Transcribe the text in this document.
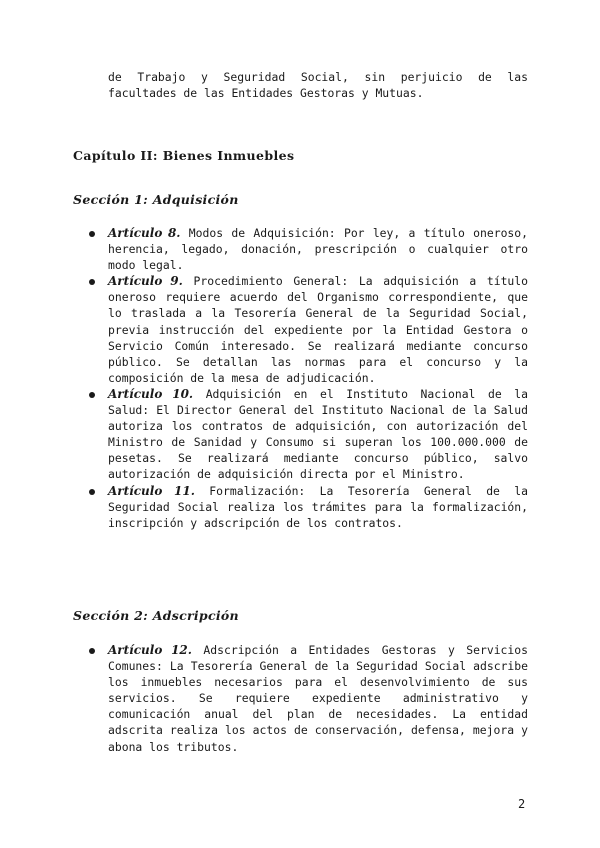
de Trabajo y Seguridad Social, sin perjuicio de las facultades de las Entidades Gestoras y Mutuas.

Capítulo II: Bienes Inmuebles
Sección 1: Adquisición

Artículo 8. Modos de Adquisición: Por ley, a título oneroso, herencia, legado, donación, prescripción o cualquier otro modo legal.

Artículo 9. Procedimiento General: La adquisición a título oneroso requiere acuerdo del Organismo correspondiente, que lo traslada a la Tesorería General de la Seguridad Social, previa instrucción del expediente por la Entidad Gestora o Servicio Común interesado. Se realizará mediante concurso público. Se detallan las normas para el concurso y la composición de la mesa de adjudicación.

Artículo 10. Adquisición en el Instituto Nacional de la Salud: El Director General del Instituto Nacional de la Salud autoriza los contratos de adquisición, con autorización del Ministro de Sanidad y Consumo si superan los 100.000.000 de pesetas. Se realizará mediante concurso público, salvo autorización de adquisición directa por el Ministro.

Artículo 11. Formalización: La Tesorería General de la Seguridad Social realiza los trámites para la formalización, inscripción y adscripción de los contratos.

Sección 2: Adscripción

Artículo 12. Adscripción a Entidades Gestoras y Servicios Comunes: La Tesorería General de la Seguridad Social adscribe los inmuebles necesarios para el desenvolvimiento de sus servicios. Se requiere expediente administrativo y comunicación anual del plan de necesidades. La entidad adscrita realiza los actos de conservación, defensa, mejora y abona los tributos.

2
